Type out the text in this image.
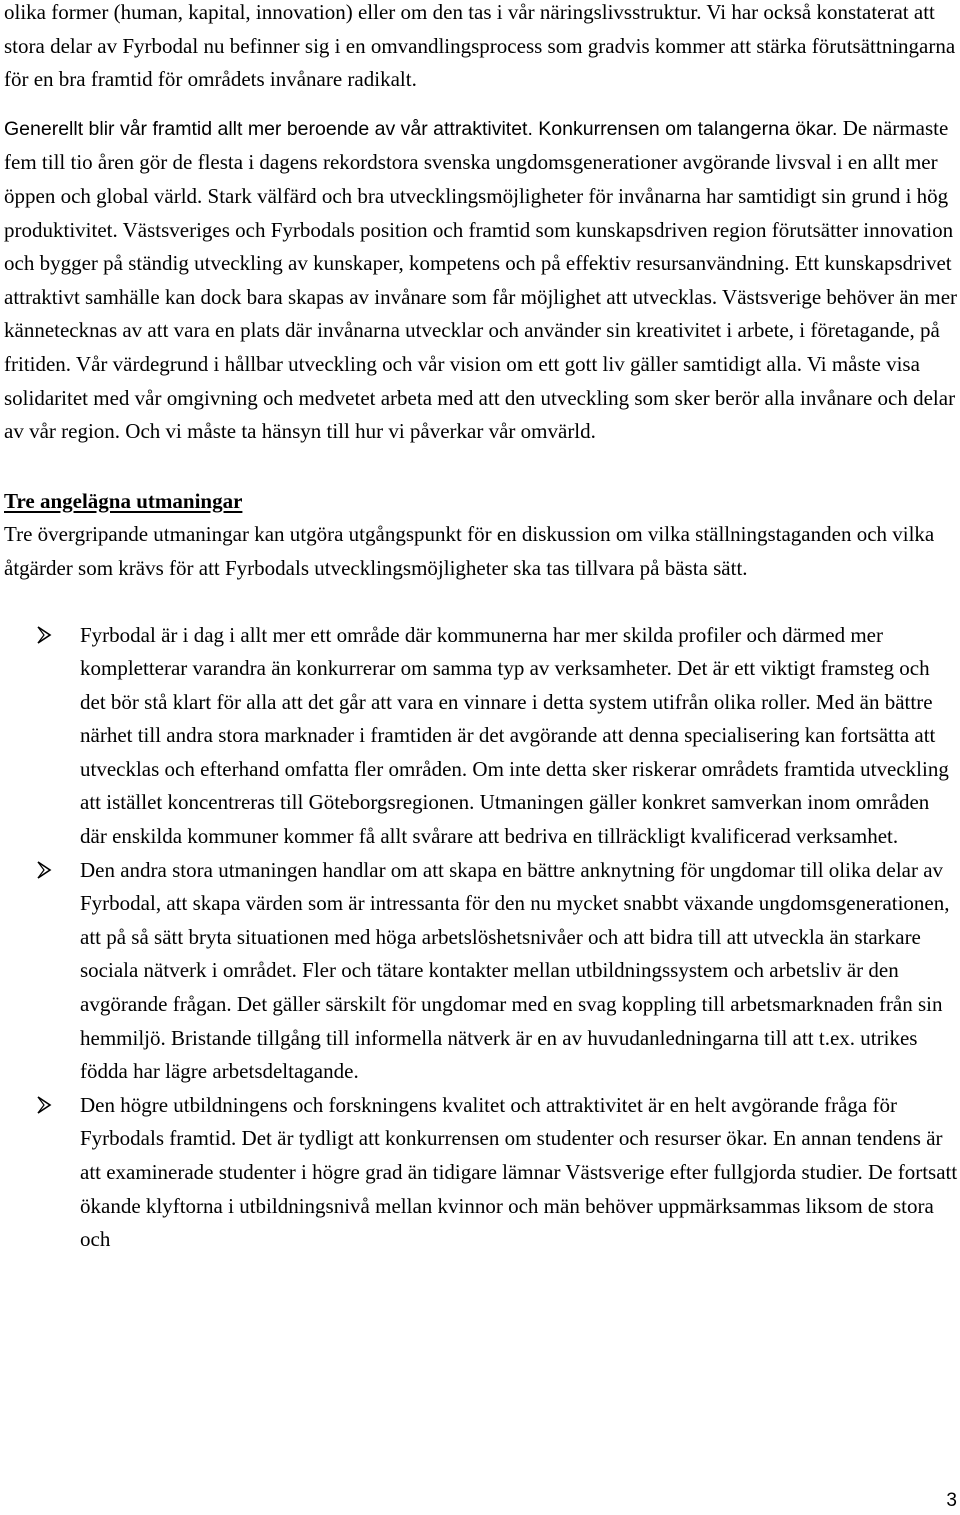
olika former (human, kapital, innovation) eller om den tas i vår näringslivsstruktur. Vi har också konstaterat att stora delar av Fyrbodal nu befinner sig i en omvandlingsprocess som gradvis kommer att stärka förutsättningarna för en bra framtid för områdets invånare radikalt.

Generellt blir vår framtid allt mer beroende av vår attraktivitet. Konkurrensen om talangerna ökar. De närmaste fem till tio åren gör de flesta i dagens rekordstora svenska ungdomsgenerationer avgörande livsval i en allt mer öppen och global värld. Stark välfärd och bra utvecklingsmöjligheter för invånarna har samtidigt sin grund i hög produktivitet. Västsveriges och Fyrbodals position och framtid som kunskapsdriven region förutsätter innovation och bygger på ständig utveckling av kunskaper, kompetens och på effektiv resursanvändning. Ett kunskapsdrivet attraktivt samhälle kan dock bara skapas av invånare som får möjlighet att utvecklas. Västsverige behöver än mer kännetecknas av att vara en plats där invånarna utvecklar och använder sin kreativitet i arbete, i företagande, på fritiden. Vår värdegrund i hållbar utveckling och vår vision om ett gott liv gäller samtidigt alla. Vi måste visa solidaritet med vår omgivning och medvetet arbeta med att den utveckling som sker berör alla invånare och delar av vår region. Och vi måste ta hänsyn till hur vi påverkar vår omvärld.

Tre angelägna utmaningar

Tre övergripande utmaningar kan utgöra utgångspunkt för en diskussion om vilka ställningstaganden och vilka åtgärder som krävs för att Fyrbodals utvecklingsmöjligheter ska tas tillvara på bästa sätt.

Fyrbodal är i dag i allt mer ett område där kommunerna har mer skilda profiler och därmed mer kompletterar varandra än konkurrerar om samma typ av verksamheter. Det är ett viktigt framsteg och det bör stå klart för alla att det går att vara en vinnare i detta system utifrån olika roller. Med än bättre närhet till andra stora marknader i framtiden är det avgörande att denna specialisering kan fortsätta att utvecklas och efterhand omfatta fler områden. Om inte detta sker riskerar områdets framtida utveckling att istället koncentreras till Göteborgsregionen. Utmaningen gäller konkret samverkan inom områden där enskilda kommuner kommer få allt svårare att bedriva en tillräckligt kvalificerad verksamhet.
Den andra stora utmaningen handlar om att skapa en bättre anknytning för ungdomar till olika delar av Fyrbodal, att skapa värden som är intressanta för den nu mycket snabbt växande ungdomsgenerationen, att på så sätt bryta situationen med höga arbetslöshetsnivåer och att bidra till att utveckla än starkare sociala nätverk i området. Fler och tätare kontakter mellan utbildningssystem och arbetsliv är den avgörande frågan. Det gäller särskilt för ungdomar med en svag koppling till arbetsmarknaden från sin hemmiljö. Bristande tillgång till informella nätverk är en av huvudanledningarna till att t.ex. utrikes födda har lägre arbetsdeltagande.
Den högre utbildningens och forskningens kvalitet och attraktivitet är en helt avgörande fråga för Fyrbodals framtid. Det är tydligt att konkurrensen om studenter och resurser ökar. En annan tendens är att examinerade studenter i högre grad än tidigare lämnar Västsverige efter fullgjorda studier. De fortsatt ökande klyftorna i utbildningsnivå mellan kvinnor och män behöver uppmärksammas liksom de stora och
3
